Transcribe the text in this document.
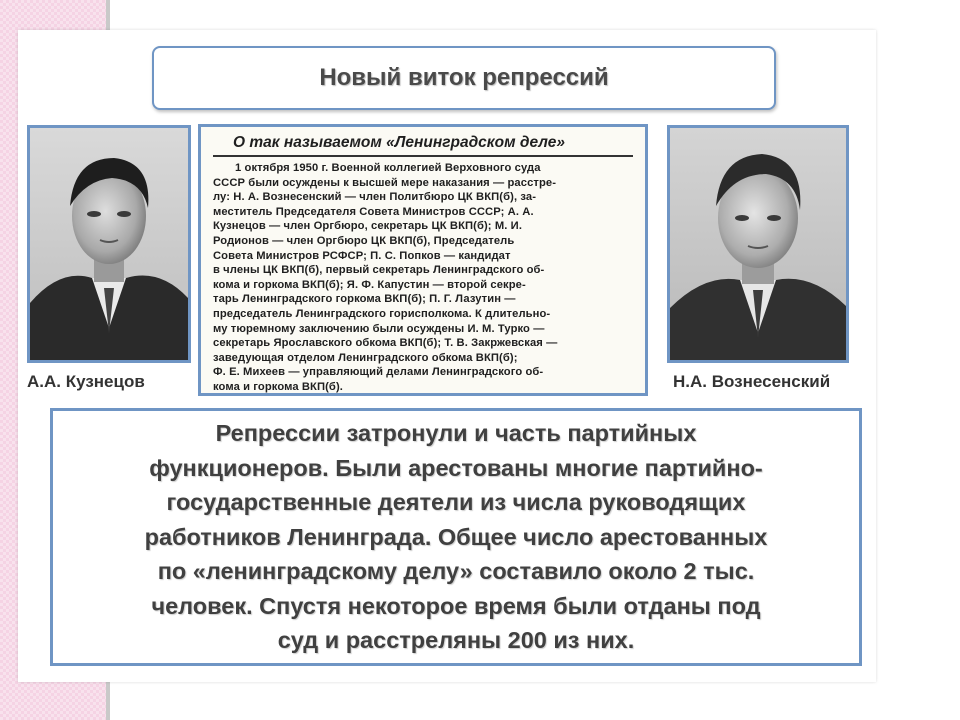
Новый виток репрессий
А.А. Кузнецов
О так называемом «Ленинградском деле»
1 октября 1950 г. Военной коллегией Верховного суда
СССР были осуждены к высшей мере наказания — расстре-
лу: Н. А. Вознесенский — член Политбюро ЦК ВКП(б), за-
меститель Председателя Совета Министров СССР; А. А.
Кузнецов — член Оргбюро, секретарь ЦК ВКП(б); М. И.
Родионов — член Оргбюро ЦК ВКП(б), Председатель
Совета Министров РСФСР; П. С. Попков — кандидат
в члены ЦК ВКП(б), первый секретарь Ленинградского об-
кома и горкома ВКП(б); Я. Ф. Капустин — второй секре-
тарь Ленинградского горкома ВКП(б); П. Г. Лазутин —
председатель Ленинградского горисполкома. К длительно-
му тюремному заключению были осуждены И. М. Турко —
секретарь Ярославского обкома ВКП(б); Т. В. Закржевская —
заведующая отделом Ленинградского обкома ВКП(б);
Ф. Е. Михеев — управляющий делами Ленинградского об-
кома и горкома ВКП(б).	Н.А. Вознесенский
Репрессии затронули и часть партийных
функционеров. Были арестованы многие партийно-
государственные деятели из числа руководящих
работников Ленинграда. Общее число арестованных
по «ленинградскому делу» составило около 2 тыс.
человек. Спустя некоторое время были отданы под
суд и расстреляны 200 из них.
